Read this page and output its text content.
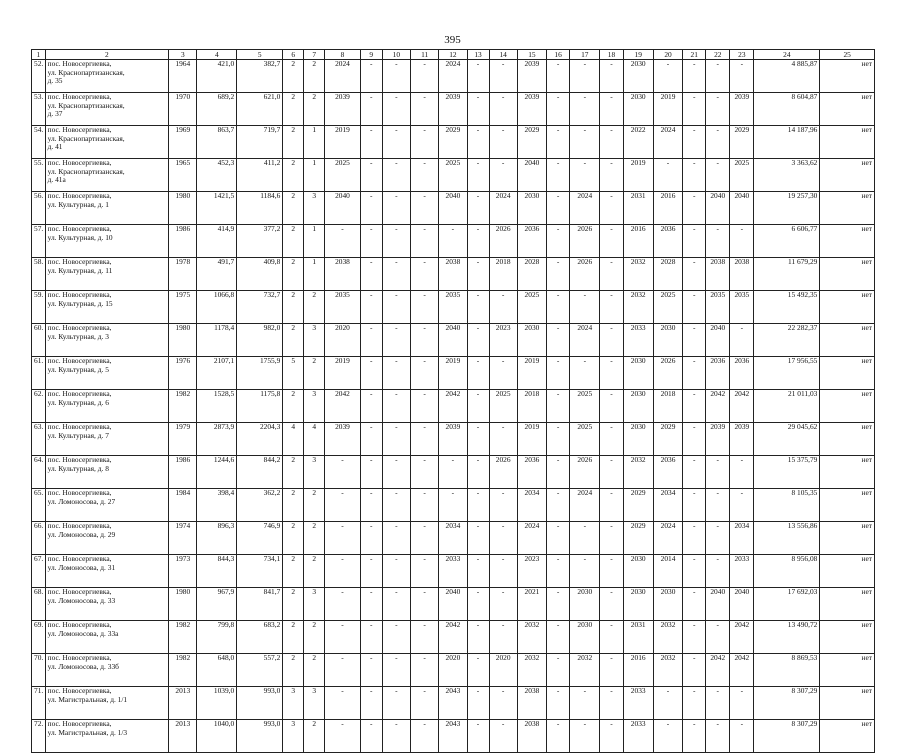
395
1	2	3	4	5	6	7	8	9	10	11	12	13	14	15	16	17	18	19	20	21	22	23	24	25
52.	пос. Новосергиевка,
ул. Краснопартизанская,
д. 35	1964	421,0	382,7	2	2	2024	-	-	-	2024	-	-	2039	-	-	-	2030	-	-	-	-	4 885,87	нет
53.	пос. Новосергиевка,
ул. Краснопартизанская,
д. 37	1970	689,2	621,0	2	2	2039	-	-	-	2039	-	-	2039	-	-	-	2030	2019	-	-	2039	8 604,87	нет
54.	пос. Новосергиевка,
ул. Краснопартизанская,
д. 41	1969	863,7	719,7	2	1	2019	-	-	-	2029	-	-	2029	-	-	-	2022	2024	-	-	2029	14 187,96	нет
55.	пос. Новосергиевка,
ул. Краснопартизанская,
д. 41а	1965	452,3	411,2	2	1	2025	-	-	-	2025	-	-	2040	-	-	-	2019	-	-	-	2025	3 363,62	нет
56.	пос. Новосергиевка,
ул. Культурная, д. 1	1980	1421,5	1184,6	2	3	2040	-	-	-	2040	-	2024	2030	-	2024	-	2031	2016	-	2040	2040	19 257,30	нет
57.	пос. Новосергиевка,
ул. Культурная, д. 10	1986	414,9	377,2	2	1	-	-	-	-	-	-	2026	2036	-	2026	-	2016	2036	-	-	-	6 606,77	нет
58.	пос. Новосергиевка,
ул. Культурная, д. 11	1978	491,7	409,8	2	1	2038	-	-	-	2038	-	2018	2028	-	2026	-	2032	2028	-	2038	2038	11 679,29	нет
59.	пос. Новосергиевка,
ул. Культурная, д. 15	1975	1066,8	732,7	2	2	2035	-	-	-	2035	-	-	2025	-	-	-	2032	2025	-	2035	2035	15 492,35	нет
60.	пос. Новосергиевка,
ул. Культурная, д. 3	1980	1178,4	982,0	2	3	2020	-	-	-	2040	-	2023	2030	-	2024	-	2033	2030	-	2040	-	22 282,37	нет
61.	пос. Новосергиевка,
ул. Культурная, д. 5	1976	2107,1	1755,9	5	2	2019	-	-	-	2019	-	-	2019	-	-	-	2030	2026	-	2036	2036	17 956,55	нет
62.	пос. Новосергиевка,
ул. Культурная, д. 6	1982	1528,5	1175,8	2	3	2042	-	-	-	2042	-	2025	2018	-	2025	-	2030	2018	-	2042	2042	21 011,03	нет
63.	пос. Новосергиевка,
ул. Культурная, д. 7	1979	2873,9	2204,3	4	4	2039	-	-	-	2039	-	-	2019	-	2025	-	2030	2029	-	2039	2039	29 045,62	нет
64.	пос. Новосергиевка,
ул. Культурная, д. 8	1986	1244,6	844,2	2	3	-	-	-	-	-	-	2026	2036	-	2026	-	2032	2036	-	-	-	15 375,79	нет
65.	пос. Новосергиевка,
ул. Ломоносова, д. 27	1984	398,4	362,2	2	2	-	-	-	-	-	-	-	2034	-	2024	-	2029	2034	-	-	-	8 105,35	нет
66.	пос. Новосергиевка,
ул. Ломоносова, д. 29	1974	896,3	746,9	2	2	-	-	-	-	2034	-	-	2024	-	-	-	2029	2024	-	-	2034	13 556,86	нет
67.	пос. Новосергиевка,
ул. Ломоносова, д. 31	1973	844,3	734,1	2	2	-	-	-	-	2033	-	-	2023	-	-	-	2030	2014	-	-	2033	8 956,08	нет
68.	пос. Новосергиевка,
ул. Ломоносова, д. 33	1980	967,9	841,7	2	3	-	-	-	-	2040	-	-	2021	-	2030	-	2030	2030	-	2040	2040	17 692,03	нет
69.	пос. Новосергиевка,
ул. Ломоносова, д. 33а	1982	799,8	683,2	2	2	-	-	-	-	2042	-	-	2032	-	2030	-	2031	2032	-	-	2042	13 490,72	нет
70.	пос. Новосергиевка,
ул. Ломоносова, д. 33б	1982	648,0	557,2	2	2	-	-	-	-	2020	-	2020	2032	-	2032	-	2016	2032	-	2042	2042	8 869,53	нет
71.	пос. Новосергиевка,
ул. Магистральная, д. 1/1	2013	1039,0	993,0	3	3	-	-	-	-	2043	-	-	2038	-	-	-	2033	-	-	-	-	8 307,29	нет
72.	пос. Новосергиевка,
ул. Магистральная, д. 1/3	2013	1040,0	993,0	3	2	-	-	-	-	2043	-	-	2038	-	-	-	2033	-	-	-	-	8 307,29	нет
